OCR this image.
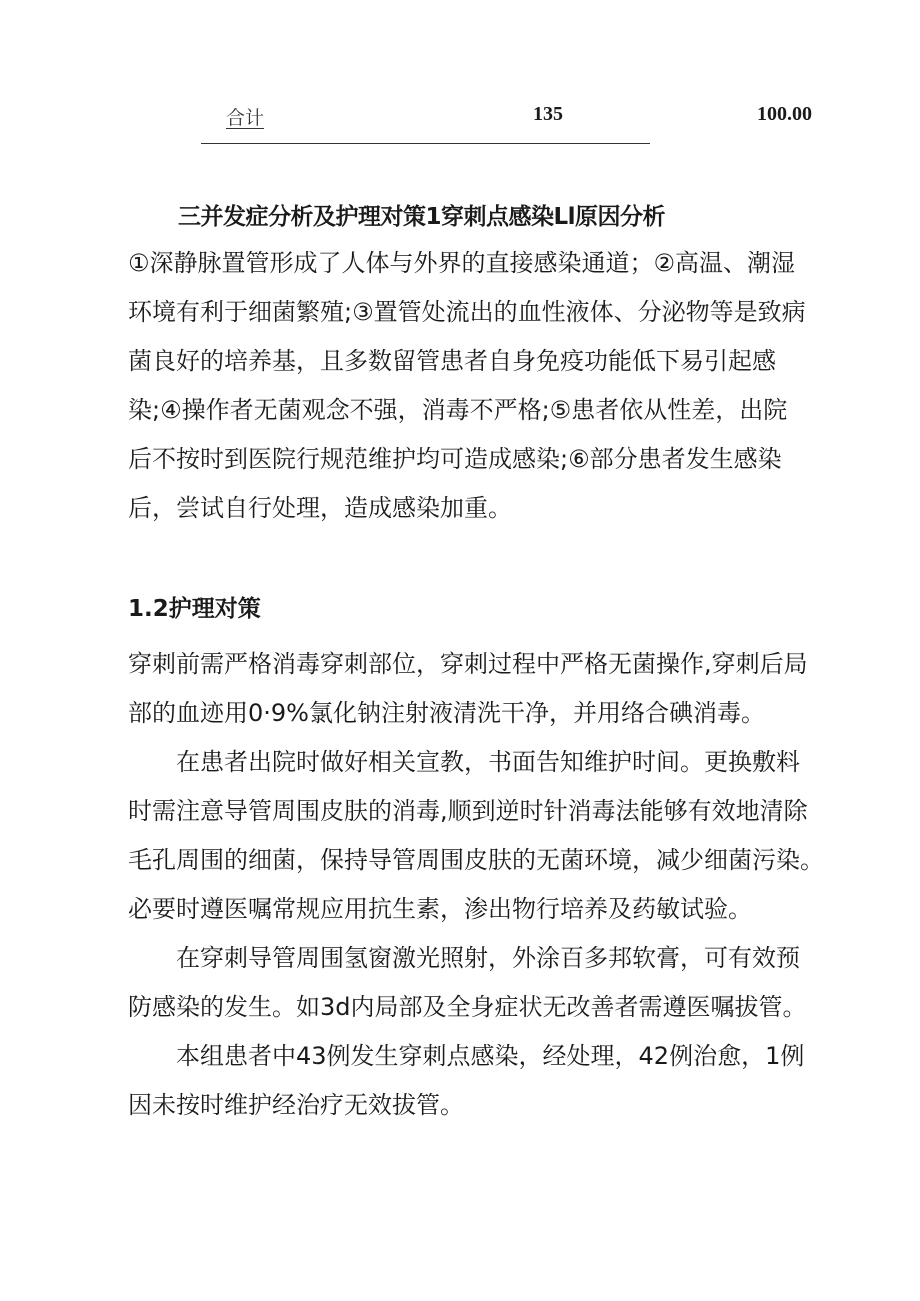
合计	135	100.00
三并发症分析及护理对策1穿刺点感染Ll原因分析
①深静脉置管形成了人体与外界的直接感染通道；②高温、潮湿
环境有利于细菌繁殖;③置管处流出的血性液体、分泌物等是致病
菌良好的培养基，且多数留管患者自身免疫功能低下易引起感
染;④操作者无菌观念不强，消毒不严格;⑤患者依从性差，出院
后不按时到医院行规范维护均可造成感染;⑥部分患者发生感染
后，尝试自行处理，造成感染加重。
1.2护理对策
穿刺前需严格消毒穿刺部位，穿刺过程中严格无菌操作,穿刺后局
部的血迹用0·9%氯化钠注射液清洗干净，并用络合碘消毒。
在患者出院时做好相关宣教，书面告知维护时间。更换敷料
时需注意导管周围皮肤的消毒,顺到逆时针消毒法能够有效地清除
毛孔周围的细菌，保持导管周围皮肤的无菌环境，减少细菌污染。
必要时遵医嘱常规应用抗生素，渗出物行培养及药敏试验。
在穿刺导管周围氢窗激光照射，外涂百多邦软膏，可有效预
防感染的发生。如3d内局部及全身症状无改善者需遵医嘱拔管。
本组患者中43例发生穿刺点感染，经处理，42例治愈，1例
因未按时维护经治疗无效拔管。
